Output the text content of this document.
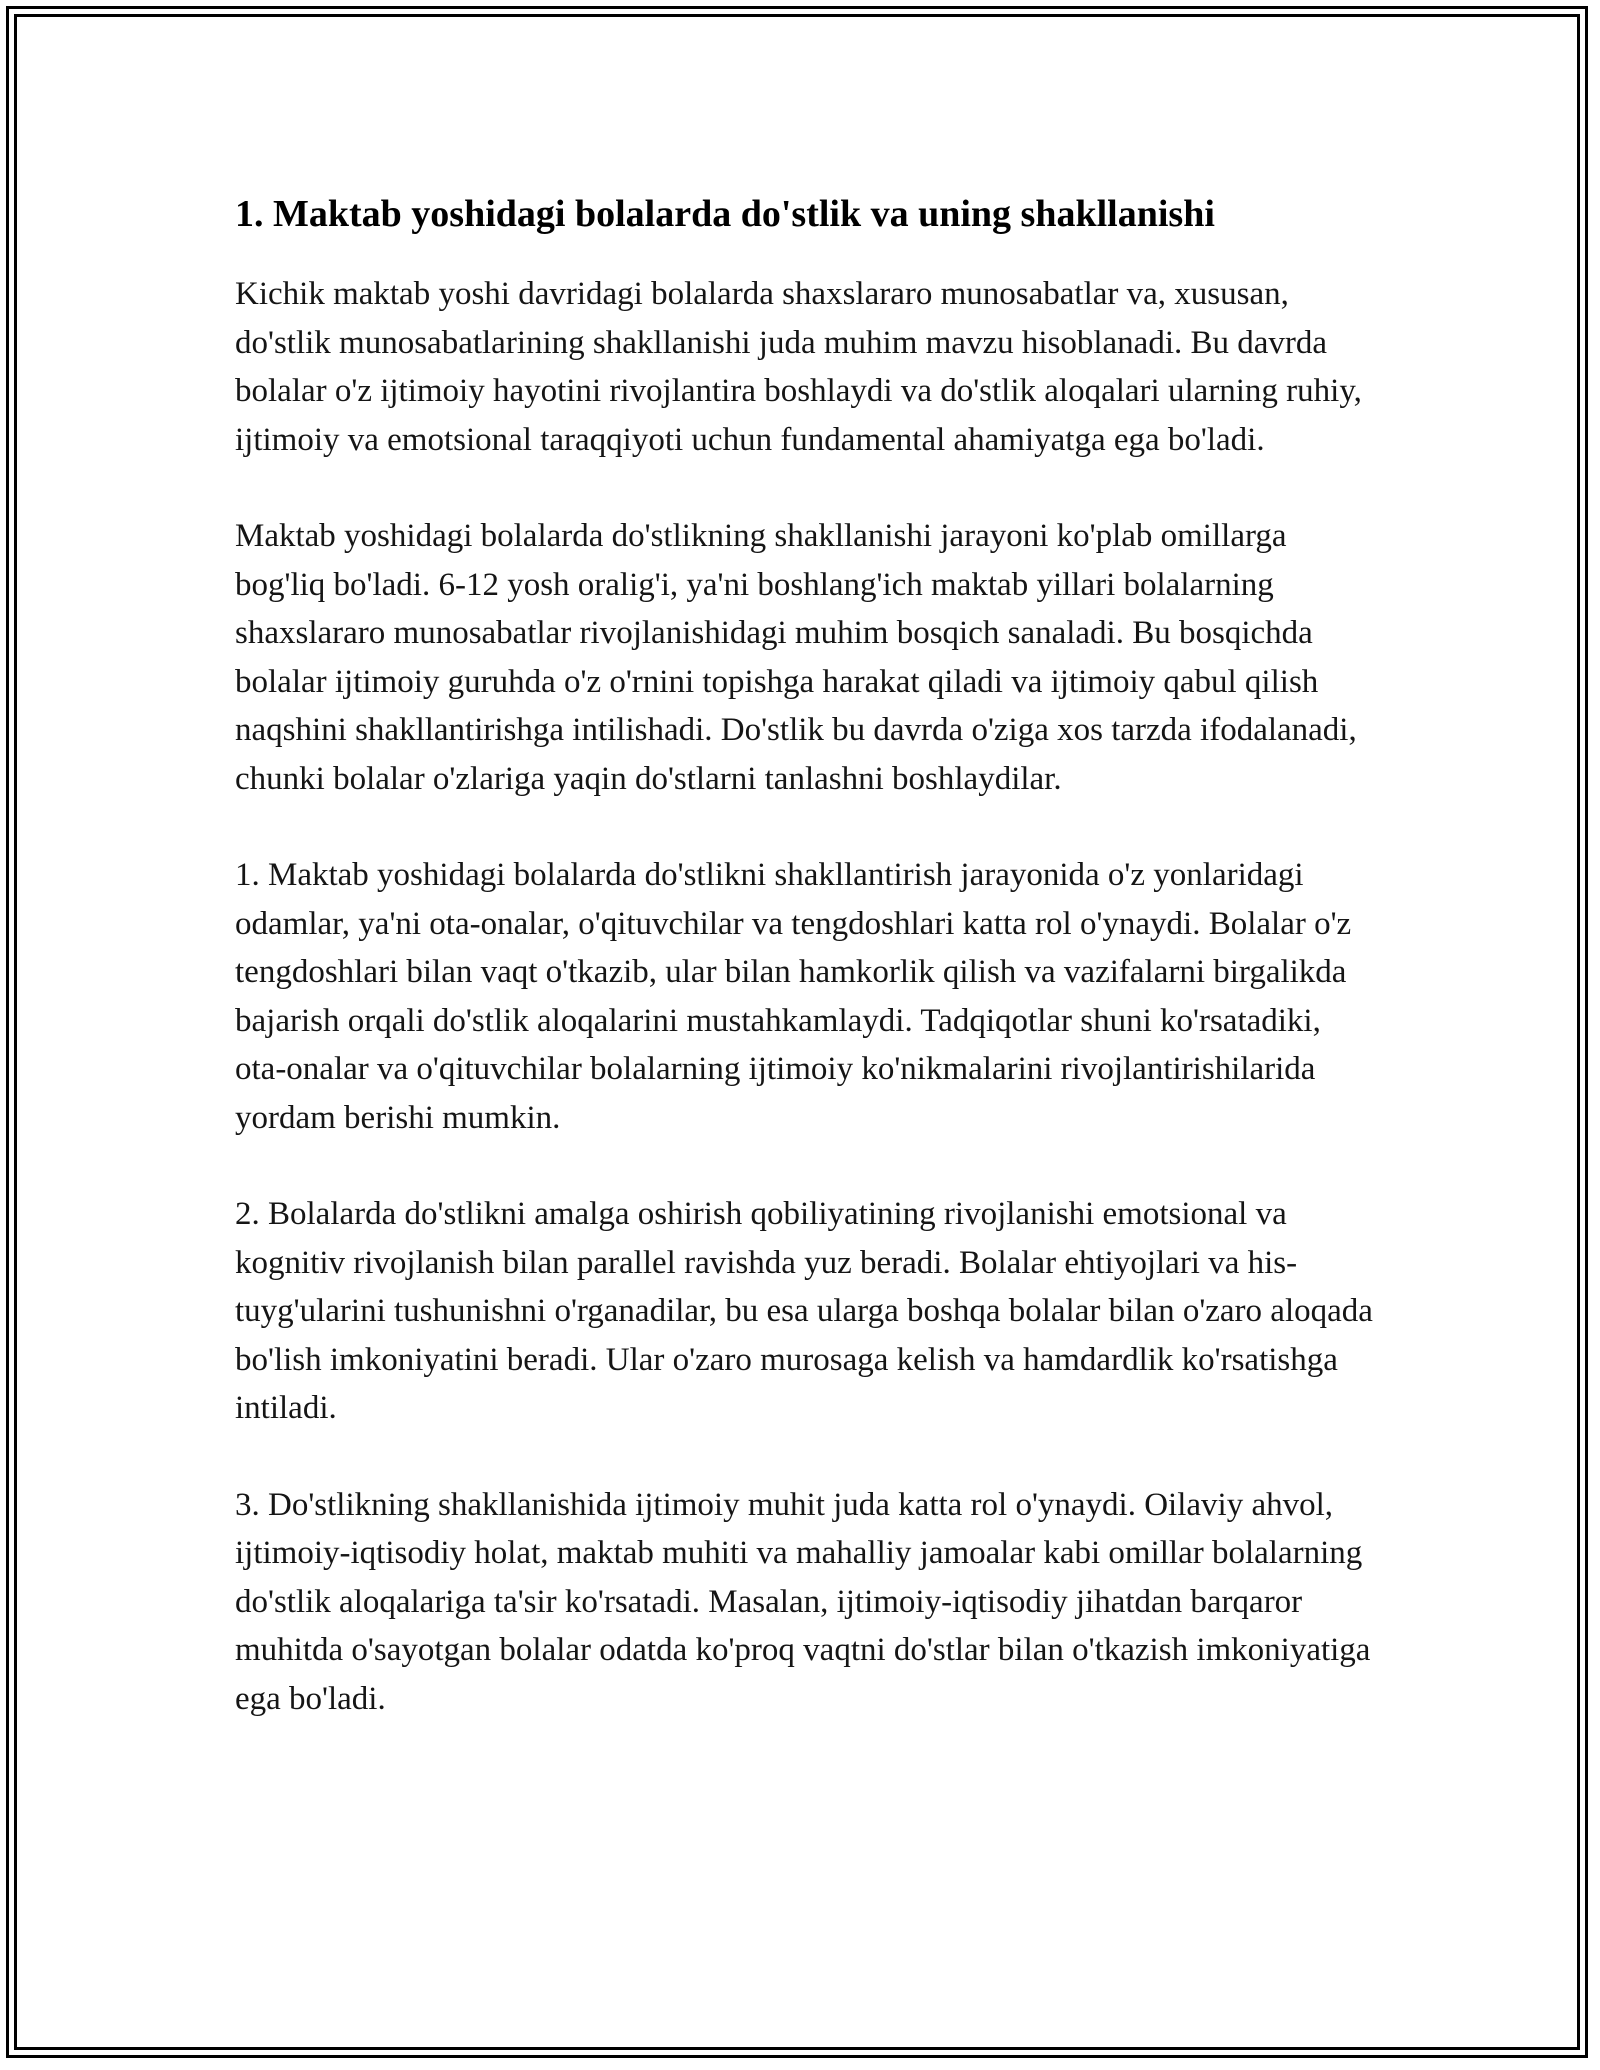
1. Maktab yoshidagi bolalarda do'stlik va uning shakllanishi

Kichik maktab yoshi davridagi bolalarda shaxslararo munosabatlar va, xususan, do'stlik munosabatlarining shakllanishi juda muhim mavzu hisoblanadi. Bu davrda bolalar o'z ijtimoiy hayotini rivojlantira boshlaydi va do'stlik aloqalari ularning ruhiy, ijtimoiy va emotsional taraqqiyoti uchun fundamental ahamiyatga ega bo'ladi.

Maktab yoshidagi bolalarda do'stlikning shakllanishi jarayoni ko'plab omillarga bog'liq bo'ladi. 6-12 yosh oralig'i, ya'ni boshlang'ich maktab yillari bolalarning shaxslararo munosabatlar rivojlanishidagi muhim bosqich sanaladi. Bu bosqichda bolalar ijtimoiy guruhda o'z o'rnini topishga harakat qiladi va ijtimoiy qabul qilish naqshini shakllantirishga intilishadi. Do'stlik bu davrda o'ziga xos tarzda ifodalanadi, chunki bolalar o'zlariga yaqin do'stlarni tanlashni boshlaydilar.

1. Maktab yoshidagi bolalarda do'stlikni shakllantirish jarayonida o'z yonlaridagi odamlar, ya'ni ota-onalar, o'qituvchilar va tengdoshlari katta rol o'ynaydi. Bolalar o'z tengdoshlari bilan vaqt o'tkazib, ular bilan hamkorlik qilish va vazifalarni birgalikda bajarish orqali do'stlik aloqalarini mustahkamlaydi. Tadqiqotlar shuni ko'rsatadiki, ota-onalar va o'qituvchilar bolalarning ijtimoiy ko'nikmalarini rivojlantirishilarida yordam berishi mumkin.

2. Bolalarda do'stlikni amalga oshirish qobiliyatining rivojlanishi emotsional va kognitiv rivojlanish bilan parallel ravishda yuz beradi. Bolalar ehtiyojlari va his-tuyg'ularini tushunishni o'rganadilar, bu esa ularga boshqa bolalar bilan o'zaro aloqada bo'lish imkoniyatini beradi. Ular o'zaro murosaga kelish va hamdardlik ko'rsatishga intiladi.

3. Do'stlikning shakllanishida ijtimoiy muhit juda katta rol o'ynaydi. Oilaviy ahvol, ijtimoiy-iqtisodiy holat, maktab muhiti va mahalliy jamoalar kabi omillar bolalarning do'stlik aloqalariga ta'sir ko'rsatadi. Masalan, ijtimoiy-iqtisodiy jihatdan barqaror muhitda o'sayotgan bolalar odatda ko'proq vaqtni do'stlar bilan o'tkazish imkoniyatiga ega bo'ladi.
